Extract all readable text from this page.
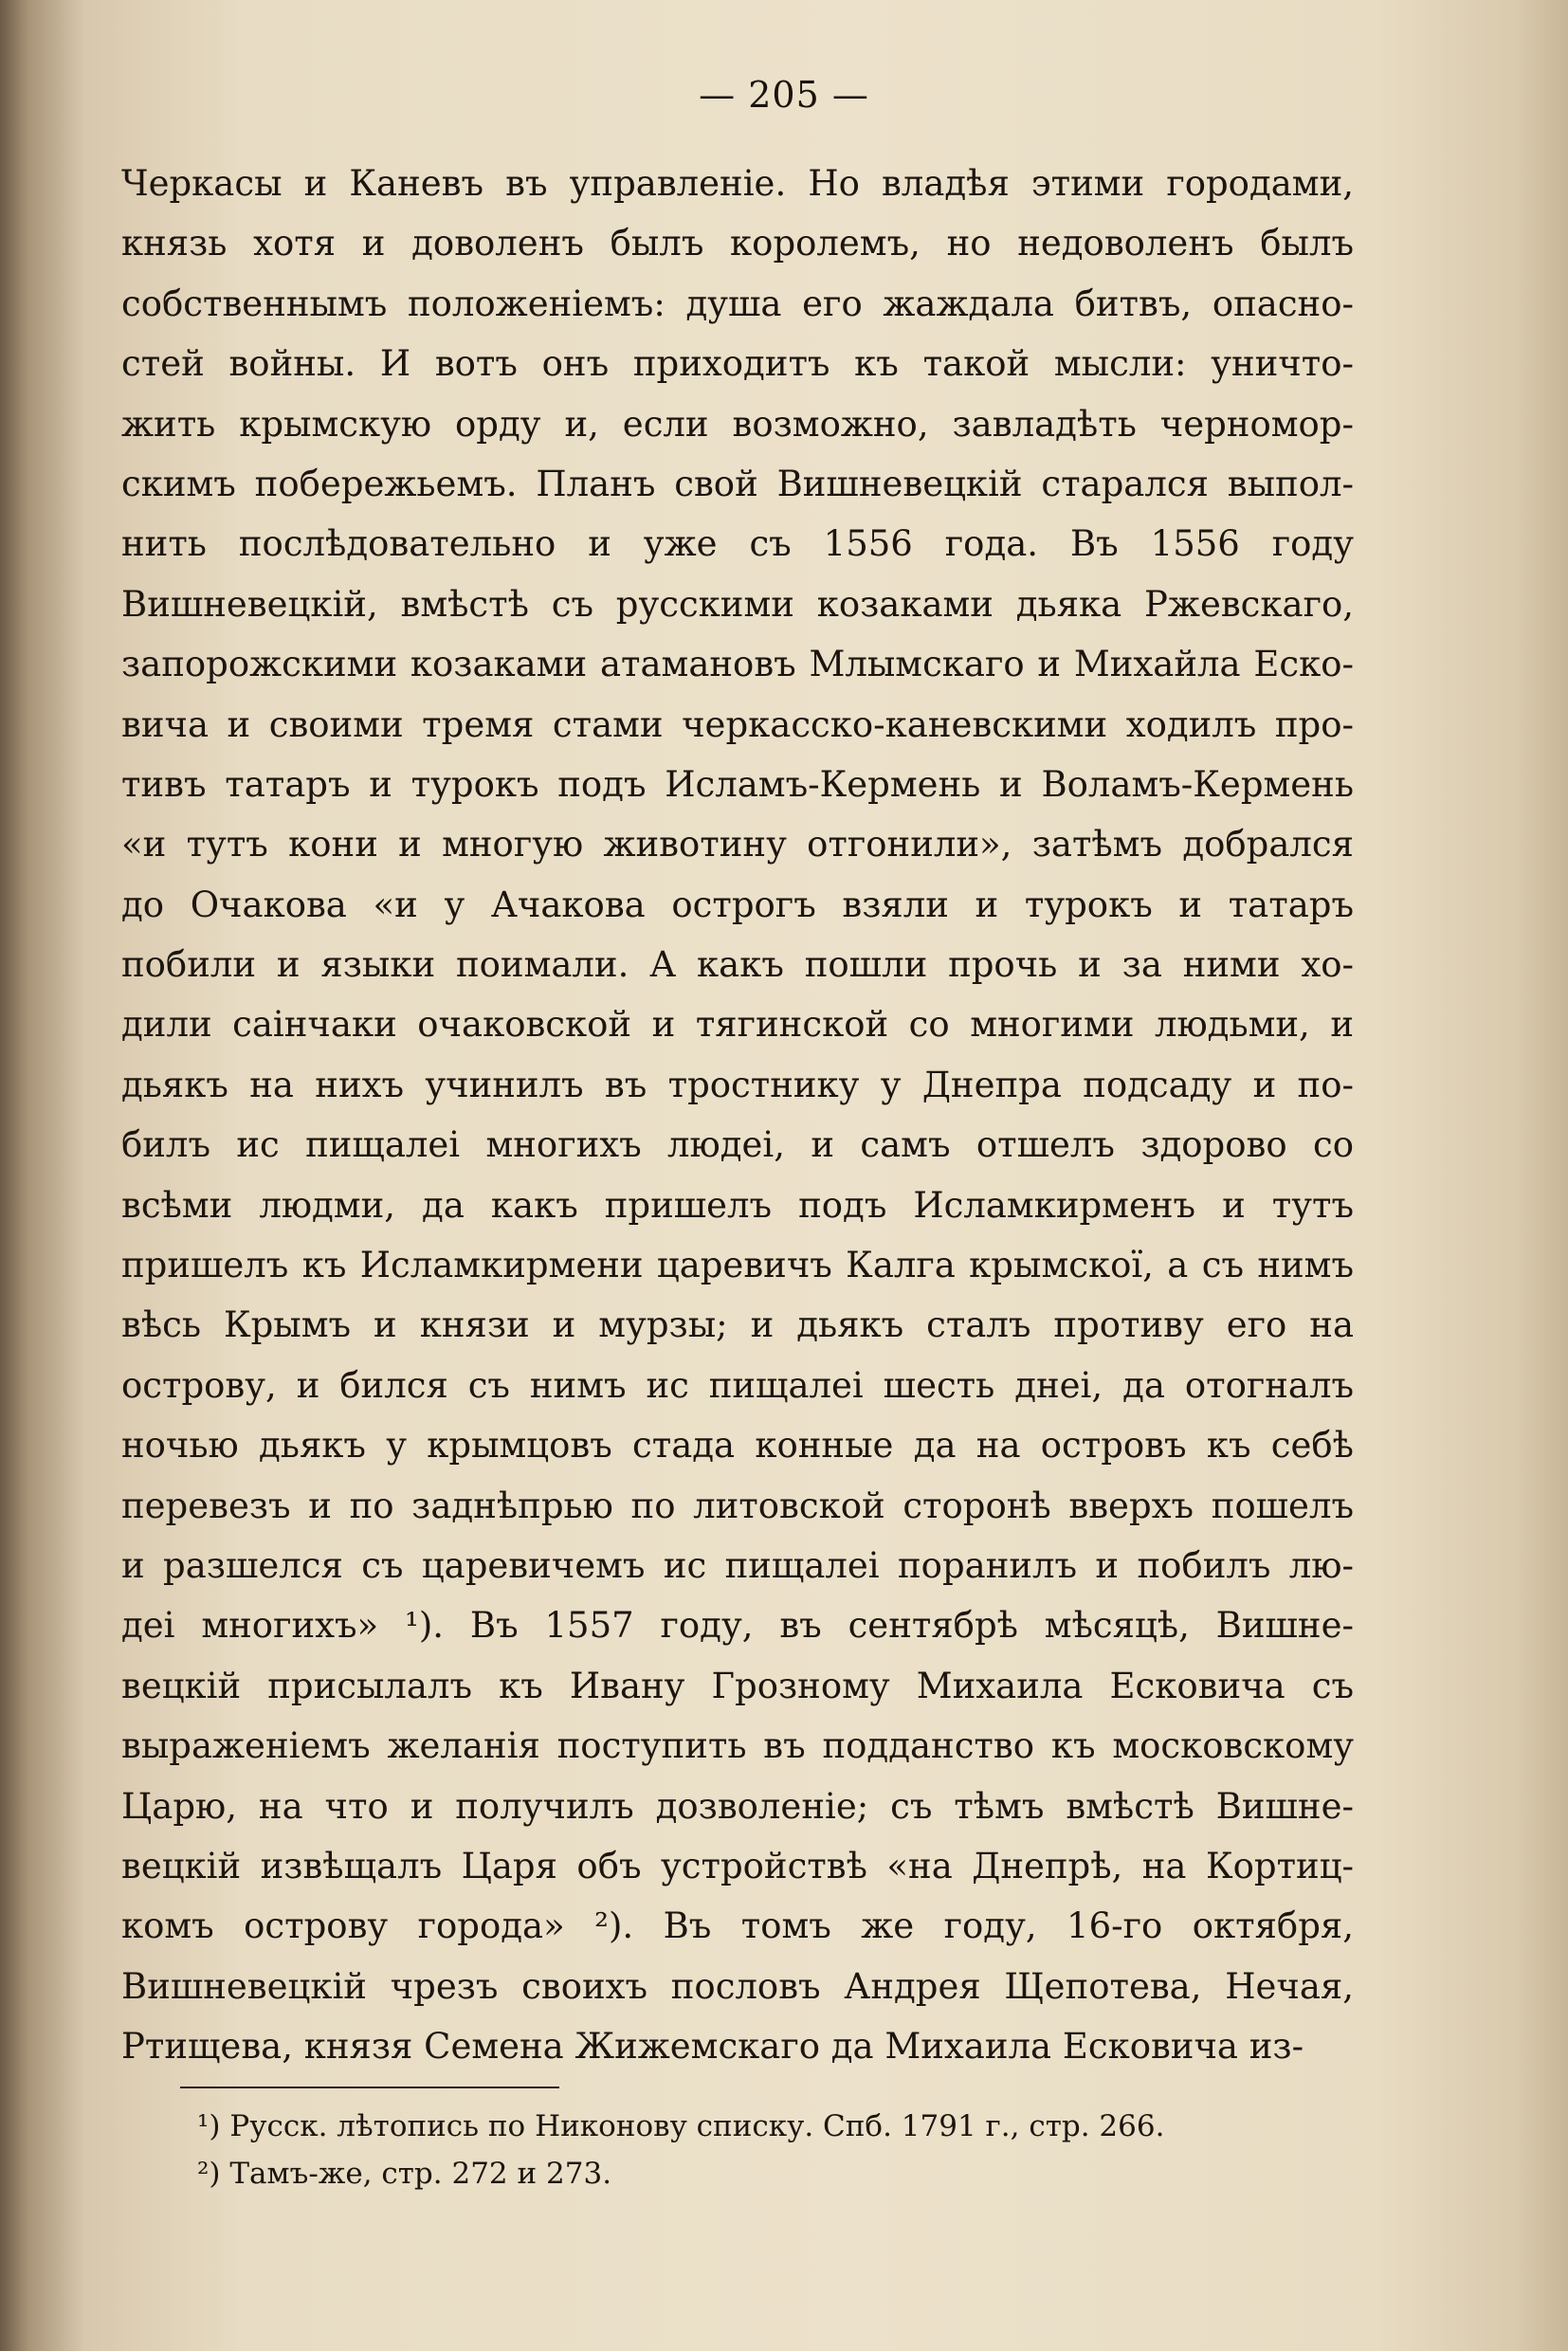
— 205 —
Черкасы и Каневъ въ управленіе. Но владѣя этими городами,
князь хотя и доволенъ былъ королемъ, но недоволенъ былъ
собственнымъ положеніемъ: душа его жаждала битвъ, опасно-
стей войны. И вотъ онъ приходитъ къ такой мысли: уничто-
жить крымскую орду и, если возможно, завладѣть черномор-
скимъ побережьемъ. Планъ свой Вишневецкій старался выпол-
нить послѣдовательно и уже съ 1556 года. Въ 1556 году
Вишневецкій, вмѣстѣ съ русскими козаками дьяка Ржевскаго,
запорожскими козаками атамановъ Млымскаго и Михайла Еско-
вича и своими тремя стами черкасско-каневскими ходилъ про-
тивъ татаръ и турокъ подъ Исламъ-Кермень и Воламъ-Кермень
«и тутъ кони и многую животину отгонили», затѣмъ добрался
до Очакова «и у Ачакова острогъ взяли и турокъ и татаръ
побили и языки поимали. А какъ пошли прочь и за ними хо-
дили саінчаки очаковской и тягинской со многими людьми, и
дьякъ на нихъ учинилъ въ тростнику у Днепра подсаду и по-
билъ ис пищалеі многихъ людеі, и самъ отшелъ здорово со
всѣми людми, да какъ пришелъ подъ Исламкирменъ и тутъ
пришелъ къ Исламкирмени царевичъ Калга крымскої, а съ нимъ
вѣсь Крымъ и князи и мурзы; и дьякъ сталъ противу его на
острову, и бился съ нимъ ис пищалеі шесть днеі, да отогналъ
ночью дьякъ у крымцовъ стада конные да на островъ къ себѣ
перевезъ и по заднѣпрью по литовской сторонѣ вверхъ пошелъ
и разшелся съ царевичемъ ис пищалеі поранилъ и побилъ лю-
деі многихъ» ¹). Въ 1557 году, въ сентябрѣ мѣсяцѣ, Вишне-
вецкій присылалъ къ Ивану Грозному Михаила Есковича съ
выраженіемъ желанія поступить въ подданство къ московскому
Царю, на что и получилъ дозволеніе; съ тѣмъ вмѣстѣ Вишне-
вецкій извѣщалъ Царя объ устройствѣ «на Днепрѣ, на Кортиц-
комъ острову города» ²). Въ томъ же году, 16-го октября,
Вишневецкій чрезъ своихъ пословъ Андрея Щепотева, Нечая,
Ртищева, князя Семена Жижемскаго да Михаила Есковича из-
¹) Русск. лѣтопись по Никонову списку. Спб. 1791 г., стр. 266.
²) Тамъ-же, стр. 272 и 273.
